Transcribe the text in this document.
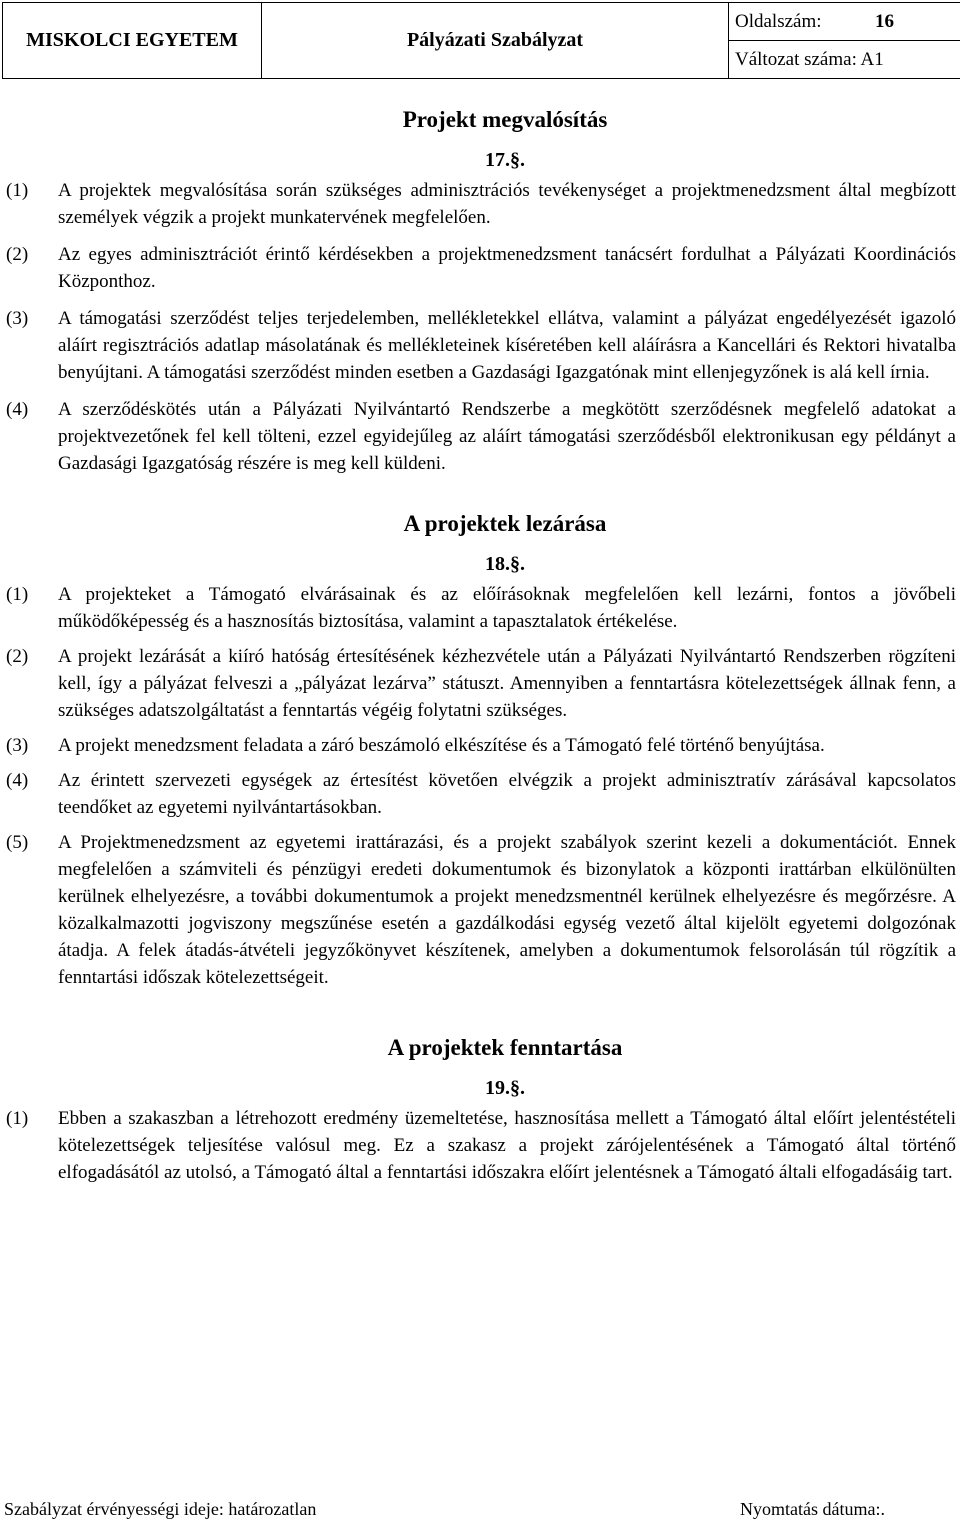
MISKOLCI EGYETEM	Pályázati Szabályzat	Oldalszám:	16
Változat száma: A1
Projekt megvalósítás
17.§.
(1) A projektek megvalósítása során szükséges adminisztrációs tevékenységet a projektmenedzsment által megbízott személyek végzik a projekt munkatervének megfelelően.
(2) Az egyes adminisztrációt érintő kérdésekben a projektmenedzsment tanácsért fordulhat a Pályázati Koordinációs Központhoz.
(3) A támogatási szerződést teljes terjedelemben, mellékletekkel ellátva, valamint a pályázat engedélyezését igazoló aláírt regisztrációs adatlap másolatának és mellékleteinek kíséretében kell aláírásra a Kancellári és Rektori hivatalba benyújtani. A támogatási szerződést minden esetben a Gazdasági Igazgatónak mint ellenjegyzőnek is alá kell írnia.
(4) A szerződéskötés után a Pályázati Nyilvántartó Rendszerbe a megkötött szerződésnek megfelelő adatokat a projektvezetőnek fel kell tölteni, ezzel egyidejűleg az aláírt támogatási szerződésből elektronikusan egy példányt a Gazdasági Igazgatóság részére is meg kell küldeni.
A projektek lezárása
18.§.
(1) A projekteket a Támogató elvárásainak és az előírásoknak megfelelően kell lezárni, fontos a jövőbeli működőképesség és a hasznosítás biztosítása, valamint a tapasztalatok értékelése.
(2) A projekt lezárását a kiíró hatóság értesítésének kézhezvétele után a Pályázati Nyilvántartó Rendszerben rögzíteni kell, így a pályázat felveszi a „pályázat lezárva” státuszt. Amennyiben a fenntartásra kötelezettségek állnak fenn, a szükséges adatszolgáltatást a fenntartás végéig folytatni szükséges.
(3) A projekt menedzsment feladata a záró beszámoló elkészítése és a Támogató felé történő benyújtása.
(4) Az érintett szervezeti egységek az értesítést követően elvégzik a projekt adminisztratív zárásával kapcsolatos teendőket az egyetemi nyilvántartásokban.
(5) A Projektmenedzsment az egyetemi irattárazási, és a projekt szabályok szerint kezeli a dokumentációt. Ennek megfelelően a számviteli és pénzügyi eredeti dokumentumok és bizonylatok a központi irattárban elkülönülten kerülnek elhelyezésre, a további dokumentumok a projekt menedzsmentnél kerülnek elhelyezésre és megőrzésre. A közalkalmazotti jogviszony megszűnése esetén a gazdálkodási egység vezető által kijelölt egyetemi dolgozónak átadja. A felek átadás-átvételi jegyzőkönyvet készítenek, amelyben a dokumentumok felsorolásán túl rögzítik a fenntartási időszak kötelezettségeit.
A projektek fenntartása
19.§.
(1) Ebben a szakaszban a létrehozott eredmény üzemeltetése, hasznosítása mellett a Támogató által előírt jelentéstételi kötelezettségek teljesítése valósul meg. Ez a szakasz a projekt zárójelentésének a Támogató által történő elfogadásától az utolsó, a Támogató által a fenntartási időszakra előírt jelentésnek a Támogató általi elfogadásáig tart.
Szabályzat érvényességi ideje: határozatlan	Nyomtatás dátuma:.
